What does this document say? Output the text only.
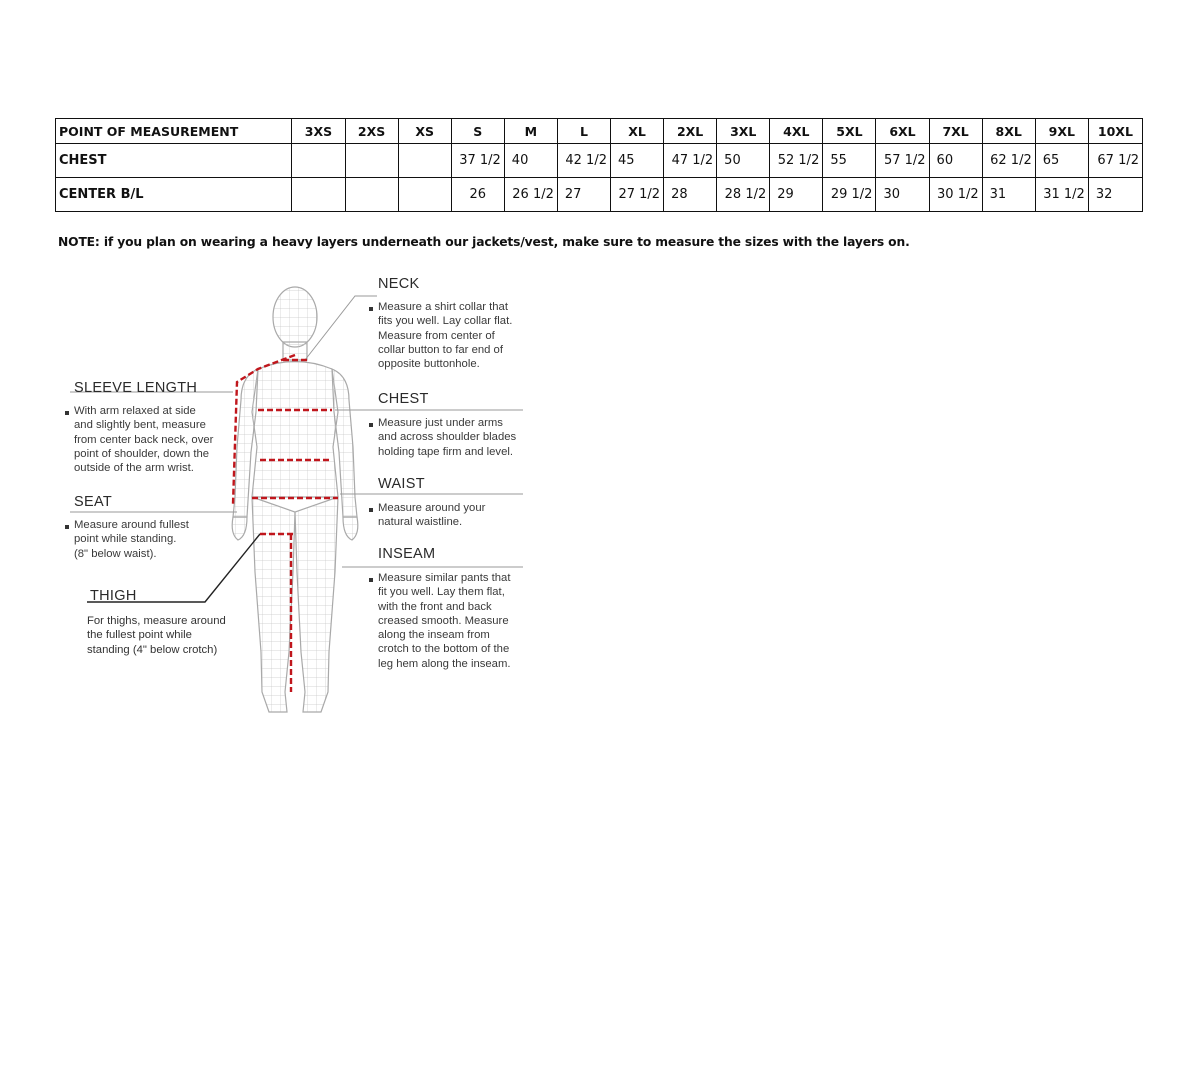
POINT OF MEASUREMENT	3XS	2XS	XS	S	M	L	XL	2XL	3XL	4XL	5XL	6XL	7XL	8XL	9XL	10XL
CHEST				37 1/2	40	42 1/2	45	47 1/2	50	52 1/2	55	57 1/2	60	62 1/2	65	67 1/2
CENTER B/L				26	26 1/2	27	27 1/2	28	28 1/2	29	29 1/2	30	30 1/2	31	31 1/2	32
NOTE: if you plan on wearing a heavy layers underneath our jackets/vest, make sure to measure the sizes with the layers on.
NECK
Measure a shirt collar that
fits you well. Lay collar flat.
Measure from center of
collar button to far end of
opposite buttonhole.
CHEST
Measure just under arms
and across shoulder blades
holding tape firm and level.
WAIST
Measure around your
natural waistline.
INSEAM
Measure similar pants that
fit you well. Lay them flat,
with the front and back
creased smooth. Measure
along the inseam from
crotch to the bottom of the
leg hem along the inseam.
SLEEVE LENGTH
With arm relaxed at side
and slightly bent, measure
from center back neck, over
point of shoulder, down the
outside of the arm wrist.
SEAT
Measure around fullest
point while standing.
(8" below waist).
THIGH
For thighs, measure around
the fullest point while
standing (4" below crotch)
